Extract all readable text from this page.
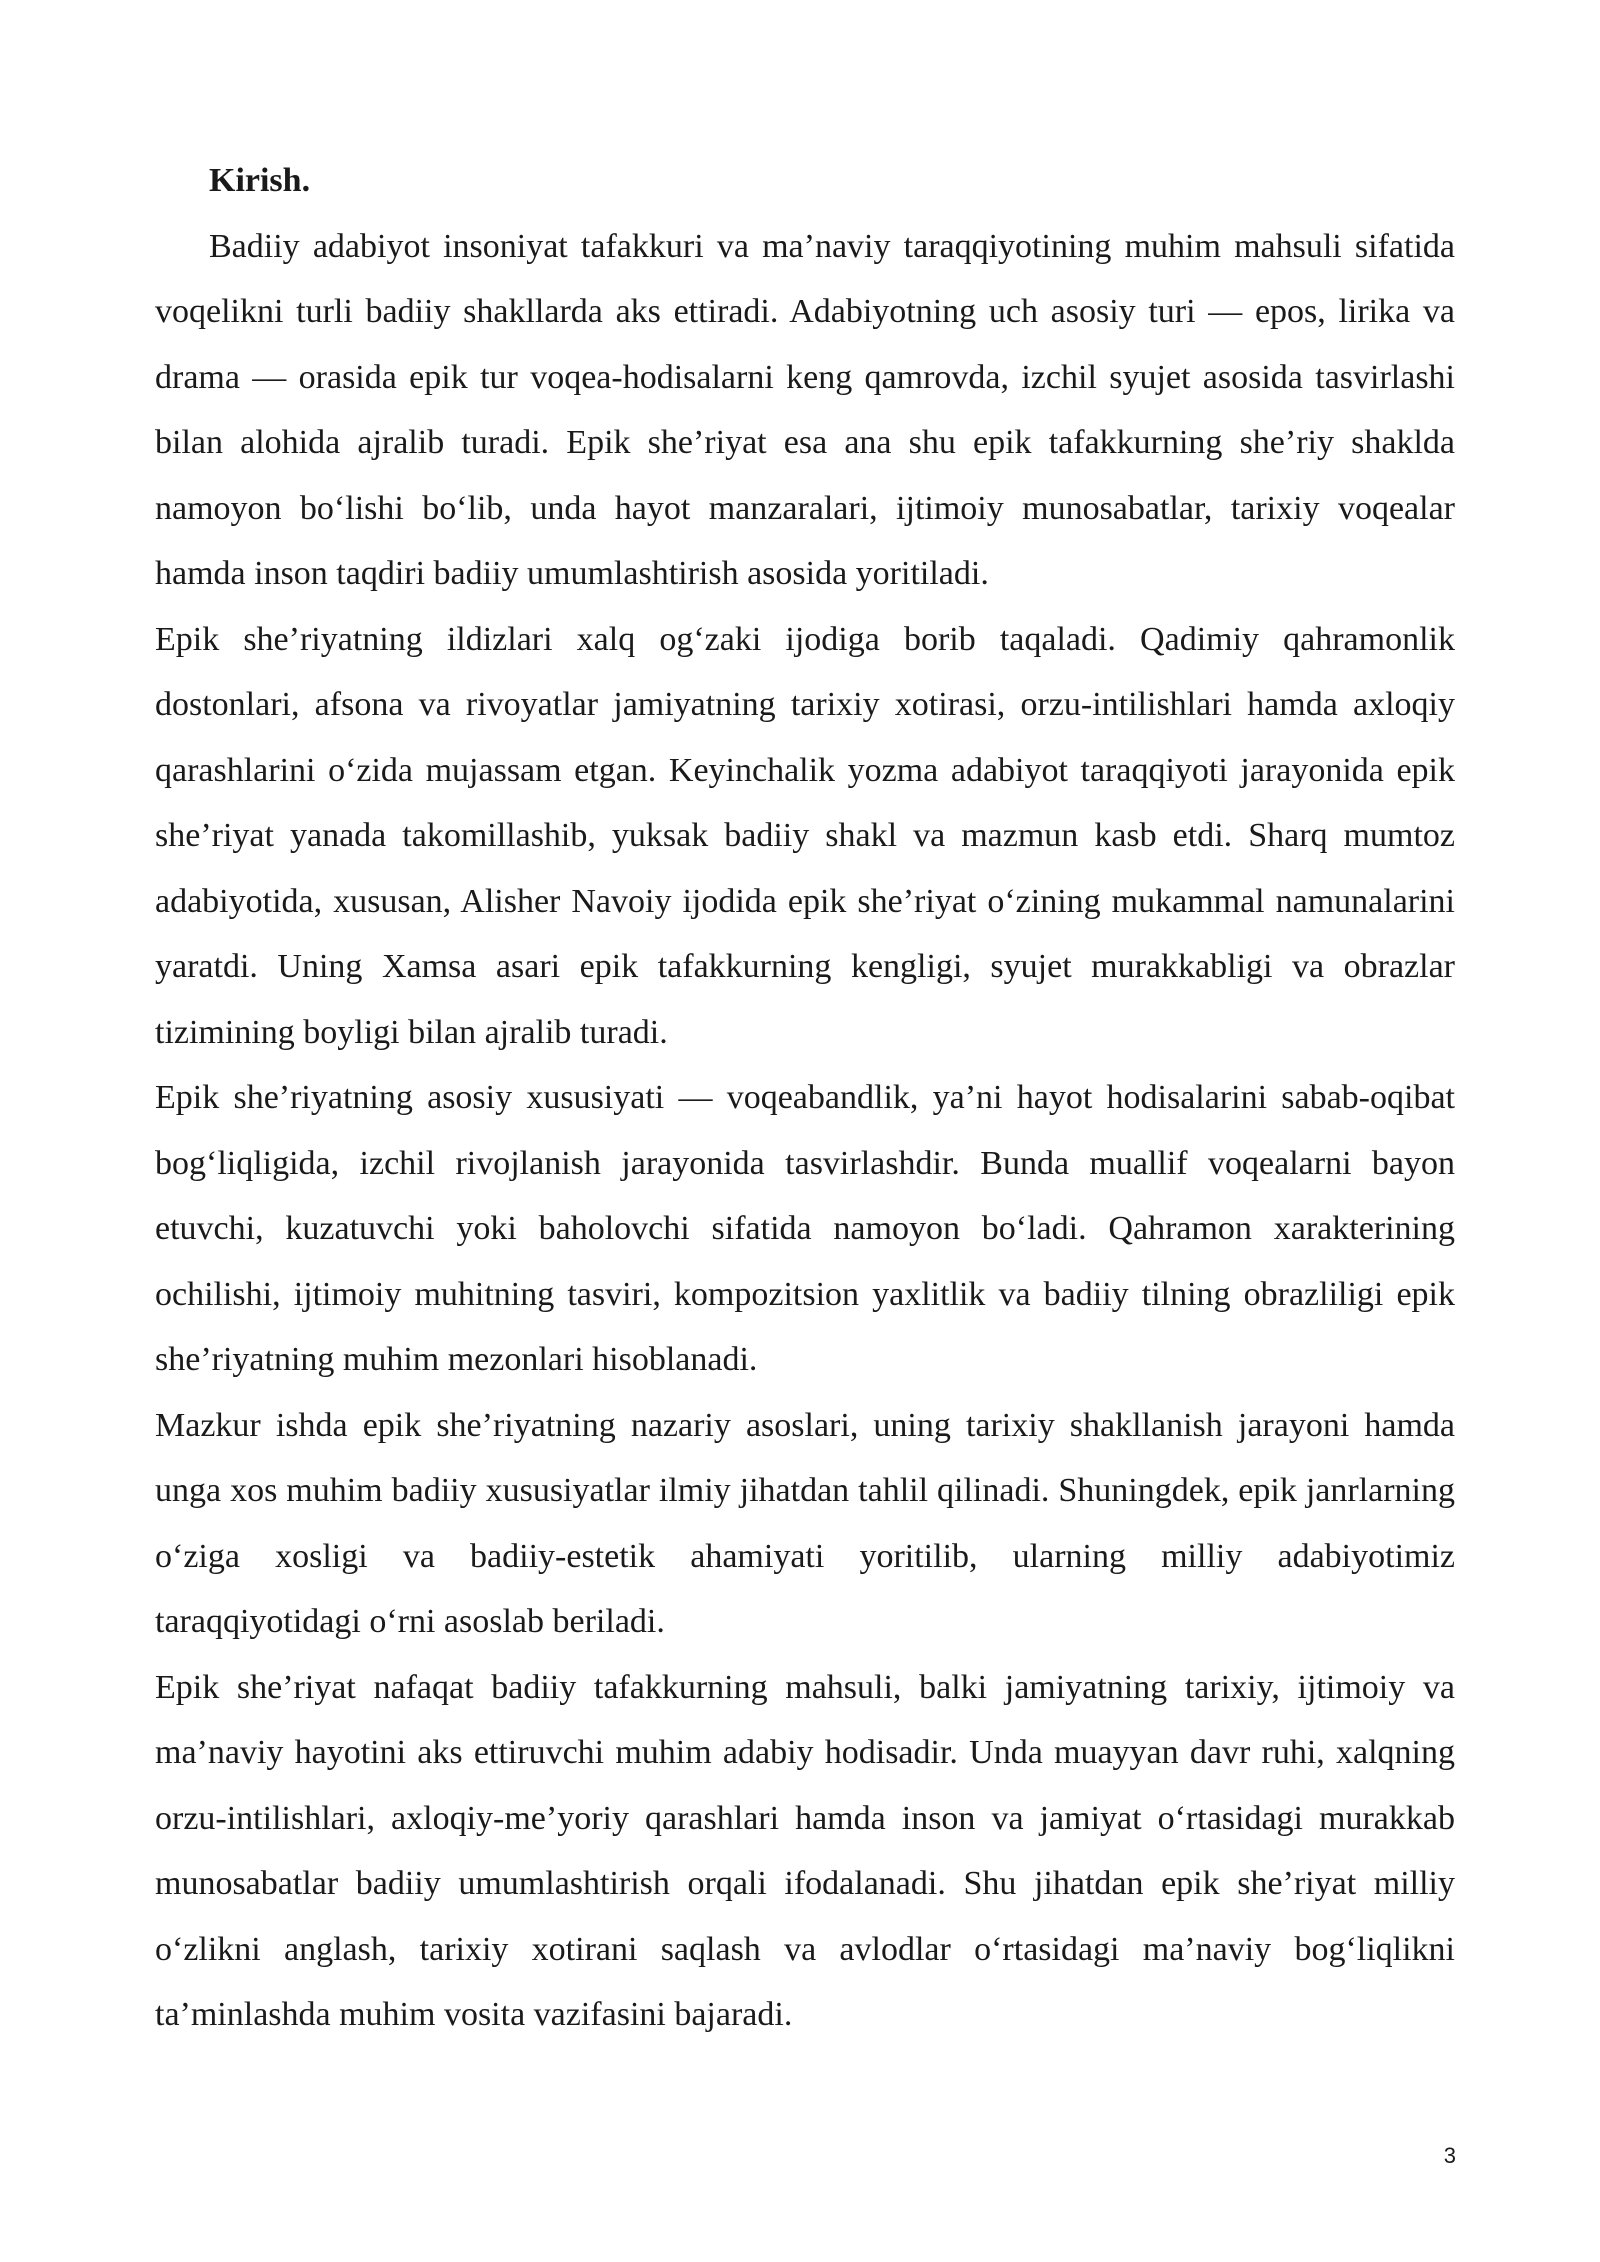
Kirish.

Badiiy adabiyot insoniyat tafakkuri va ma’naviy taraqqiyotining muhim mahsuli sifatida voqelikni turli badiiy shakllarda aks ettiradi. Adabiyotning uch asosiy turi — epos, lirika va drama — orasida epik tur voqea-hodisalarni keng qamrovda, izchil syujet asosida tasvirlashi bilan alohida ajralib turadi. Epik she’riyat esa ana shu epik tafakkurning she’riy shaklda namoyon bo‘lishi bo‘lib, unda hayot manzaralari, ijtimoiy munosabatlar, tarixiy voqealar hamda inson taqdiri badiiy umumlashtirish asosida yoritiladi.

Epik she’riyatning ildizlari xalq og‘zaki ijodiga borib taqaladi. Qadimiy qahramonlik dostonlari, afsona va rivoyatlar jamiyatning tarixiy xotirasi, orzu-intilishlari hamda axloqiy qarashlarini o‘zida mujassam etgan. Keyinchalik yozma adabiyot taraqqiyoti jarayonida epik she’riyat yanada takomillashib, yuksak badiiy shakl va mazmun kasb etdi. Sharq mumtoz adabiyotida, xususan, Alisher Navoiy ijodida epik she’riyat o‘zining mukammal namunalarini yaratdi. Uning Xamsa asari epik tafakkurning kengligi, syujet murakkabligi va obrazlar tizimining boyligi bilan ajralib turadi.

Epik she’riyatning asosiy xususiyati — voqeabandlik, ya’ni hayot hodisalarini sabab-oqibat bog‘liqligida, izchil rivojlanish jarayonida tasvirlashdir. Bunda muallif voqealarni bayon etuvchi, kuzatuvchi yoki baholovchi sifatida namoyon bo‘ladi. Qahramon xarakterining ochilishi, ijtimoiy muhitning tasviri, kompozitsion yaxlitlik va badiiy tilning obrazliligi epik she’riyatning muhim mezonlari hisoblanadi.

Mazkur ishda epik she’riyatning nazariy asoslari, uning tarixiy shakllanish jarayoni hamda unga xos muhim badiiy xususiyatlar ilmiy jihatdan tahlil qilinadi. Shuningdek, epik janrlarning o‘ziga xosligi va badiiy-estetik ahamiyati yoritilib, ularning milliy adabiyotimiz taraqqiyotidagi o‘rni asoslab beriladi.

Epik she’riyat nafaqat badiiy tafakkurning mahsuli, balki jamiyatning tarixiy, ijtimoiy va ma’naviy hayotini aks ettiruvchi muhim adabiy hodisadir. Unda muayyan davr ruhi, xalqning orzu-intilishlari, axloqiy-me’yoriy qarashlari hamda inson va jamiyat o‘rtasidagi murakkab munosabatlar badiiy umumlashtirish orqali ifodalanadi. Shu jihatdan epik she’riyat milliy o‘zlikni anglash, tarixiy xotirani saqlash va avlodlar o‘rtasidagi ma’naviy bog‘liqlikni ta’minlashda muhim vosita vazifasini bajaradi.

3
